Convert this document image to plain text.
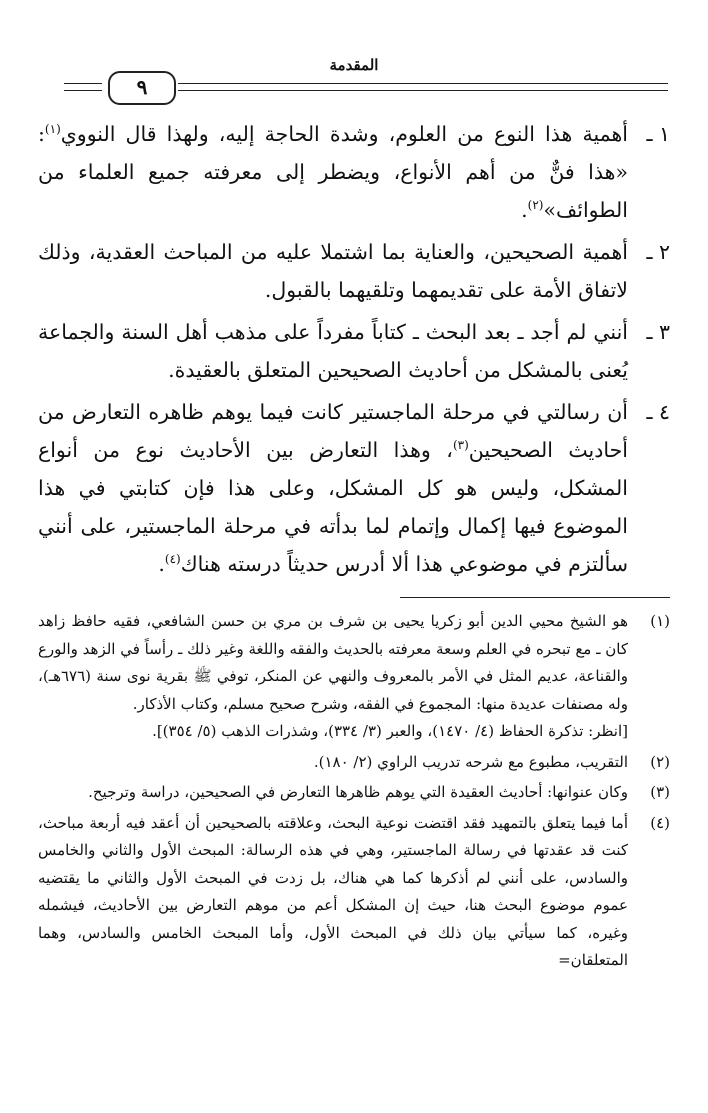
المقدمة
٩
١ ـ
أهمية هذا النوع من العلوم، وشدة الحاجة إليه، ولهذا قال النووي$^{(١)}$: «هذا فنٌّ من أهم الأنواع، ويضطر إلى معرفته جميع العلماء من الطوائف»$^{(٢)}$.
٢ ـ
أهمية الصحيحين، والعناية بما اشتملا عليه من المباحث العقدية، وذلك لاتفاق الأمة على تقديمهما وتلقيهما بالقبول.
٣ ـ
أنني لم أجد ـ بعد البحث ـ كتاباً مفرداً على مذهب أهل السنة والجماعة يُعنى بالمشكل من أحاديث الصحيحين المتعلق بالعقيدة.
٤ ـ
أن رسالتي في مرحلة الماجستير كانت فيما يوهم ظاهره التعارض من أحاديث الصحيحين$^{(٣)}$، وهذا التعارض بين الأحاديث نوع من أنواع المشكل، وليس هو كل المشكل، وعلى هذا فإن كتابتي في هذا الموضوع فيها إكمال وإتمام لما بدأته في مرحلة الماجستير، على أنني سألتزم في موضوعي هذا ألا أدرس حديثاً درسته هناك$^{(٤)}$.
(١)
هو الشيخ محيي الدين أبو زكريا يحيى بن شرف بن مري بن حسن الشافعي، فقيه حافظ زاهد كان ـ مع تبحره في العلم وسعة معرفته بالحديث والفقه واللغة وغير ذلك ـ رأساً في الزهد والورع والقناعة، عديم المثل في الأمر بالمعروف والنهي عن المنكر، توفي ﷺ بقرية نوى سنة (٦٧٦هـ)، وله مصنفات عديدة منها: المجموع في الفقه، وشرح صحيح مسلم، وكتاب الأذكار.
[انظر: تذكرة الحفاظ (٤/ ١٤٧٠)، والعبر (٣/ ٣٣٤)، وشذرات الذهب (٥/ ٣٥٤)].
(٢)
التقريب، مطبوع مع شرحه تدريب الراوي (٢/ ١٨٠).
(٣)
وكان عنوانها: أحاديث العقيدة التي يوهم ظاهرها التعارض في الصحيحين، دراسة وترجيح.
(٤)
أما فيما يتعلق بالتمهيد فقد اقتضت نوعية البحث، وعلاقته بالصحيحين أن أعقد فيه أربعة مباحث، كنت قد عقدتها في رسالة الماجستير، وهي في هذه الرسالة: المبحث الأول والثاني والخامس والسادس، على أنني لم أذكرها كما هي هناك، بل زدت في المبحث الأول والثاني ما يقتضيه عموم موضوع البحث هنا، حيث إن المشكل أعم من موهم التعارض بين الأحاديث، فيشمله وغيره، كما سيأتي بيان ذلك في المبحث الأول، وأما المبحث الخامس والسادس، وهما المتعلقان=
